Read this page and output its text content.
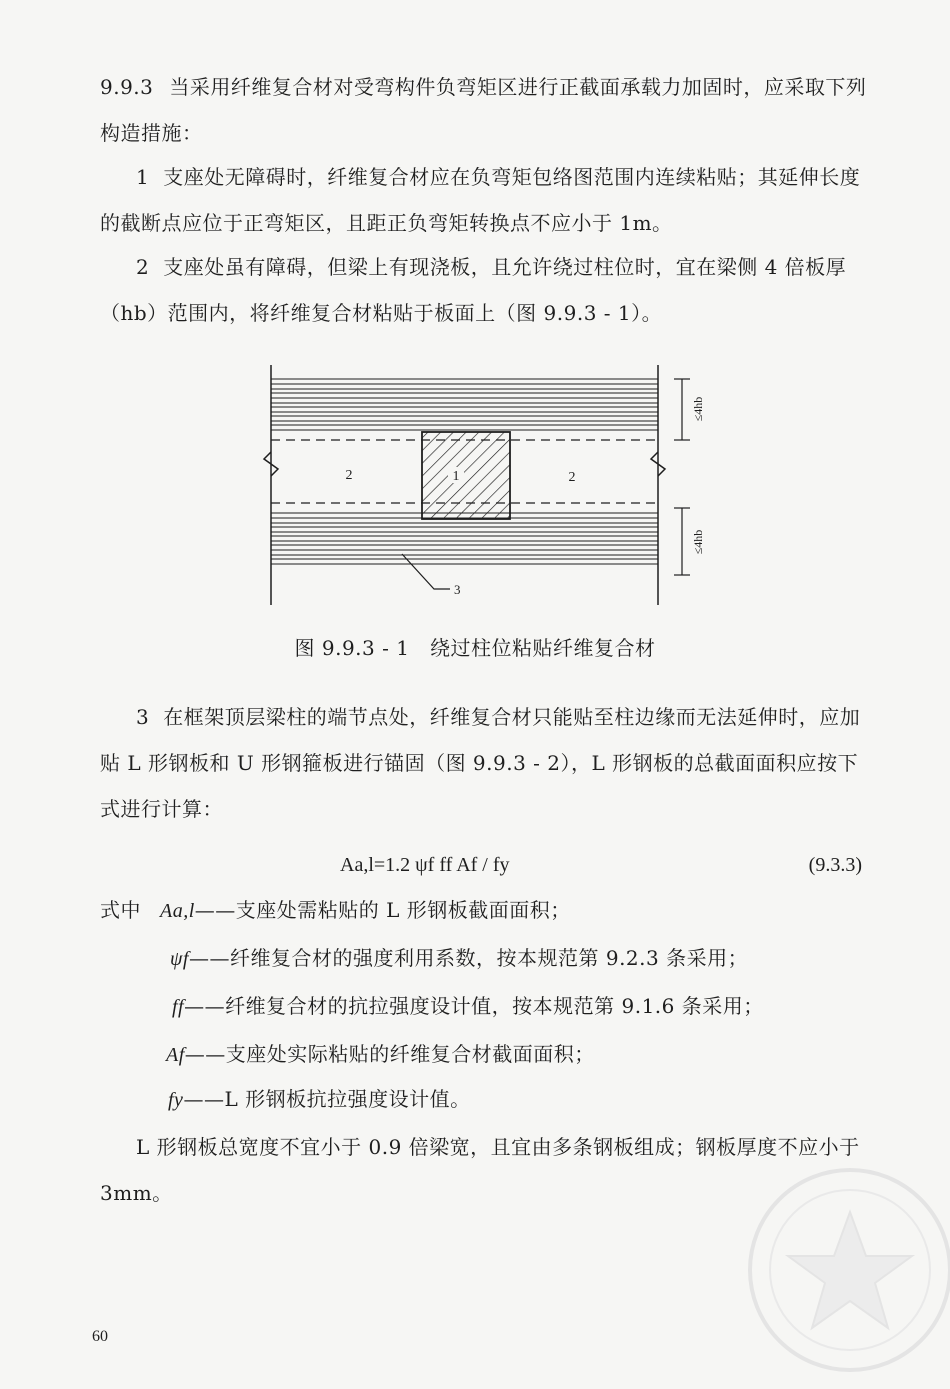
9.9.3 当采用纤维复合材对受弯构件负弯矩区进行正截面承载力加固时，应采取下列构造措施：

1 支座处无障碍时，纤维复合材应在负弯矩包络图范围内连续粘贴；其延伸长度的截断点应位于正弯矩区，且距正负弯矩转换点不应小于 1m。

2 支座处虽有障碍，但梁上有现浇板，且允许绕过柱位时，宜在梁侧 4 倍板厚（hb）范围内，将纤维复合材粘贴于板面上（图 9.9.3 - 1）。

1
2	2
3
≤4hb
≤4hb
图 9.9.3 - 1　绕过柱位粘贴纤维复合材

3 在框架顶层梁柱的端节点处，纤维复合材只能贴至柱边缘而无法延伸时，应加贴 L 形钢板和 U 形钢箍板进行锚固（图 9.9.3 - 2），L 形钢板的总截面面积应按下式进行计算：

Aa,l=1.2 ψf ff Af / fy	(9.3.3)
式中 Aa,l——支座处需粘贴的 L 形钢板截面面积；
ψf——纤维复合材的强度利用系数，按本规范第 9.2.3 条采用；
ff——纤维复合材的抗拉强度设计值，按本规范第 9.1.6 条采用；
Af——支座处实际粘贴的纤维复合材截面面积；
fy——L 形钢板抗拉强度设计值。

L 形钢板总宽度不宜小于 0.9 倍梁宽，且宜由多条钢板组成；钢板厚度不应小于 3mm。

60
